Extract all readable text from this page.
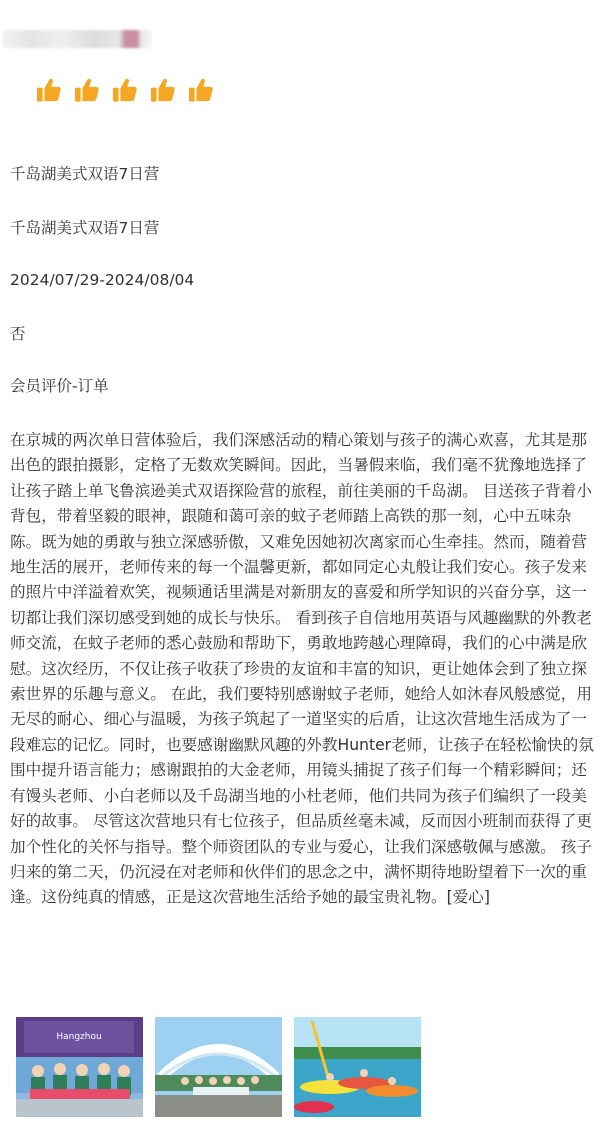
千岛湖美式双语7日营
千岛湖美式双语7日营
2024/07/29-2024/08/04
否
会员评价-订单
在京城的两次单日营体验后，我们深感活动的精心策划与孩子的满心欢喜，尤其是那出色的跟拍摄影，定格了无数欢笑瞬间。因此，当暑假来临，我们毫不犹豫地选择了让孩子踏上单飞鲁滨逊美式双语探险营的旅程，前往美丽的千岛湖。 目送孩子背着小背包，带着坚毅的眼神，跟随和蔼可亲的蚊子老师踏上高铁的那一刻，心中五味杂陈。既为她的勇敢与独立深感骄傲，又难免因她初次离家而心生牵挂。然而，随着营地生活的展开，老师传来的每一个温馨更新，都如同定心丸般让我们安心。孩子发来的照片中洋溢着欢笑，视频通话里满是对新朋友的喜爱和所学知识的兴奋分享，这一切都让我们深切感受到她的成长与快乐。 看到孩子自信地用英语与风趣幽默的外教老师交流，在蚊子老师的悉心鼓励和帮助下，勇敢地跨越心理障碍，我们的心中满是欣慰。这次经历，不仅让孩子收获了珍贵的友谊和丰富的知识，更让她体会到了独立探索世界的乐趣与意义。 在此，我们要特别感谢蚊子老师，她给人如沐春风般感觉，用无尽的耐心、细心与温暖，为孩子筑起了一道坚实的后盾，让这次营地生活成为了一段难忘的记忆。同时，也要感谢幽默风趣的外教Hunter老师，让孩子在轻松愉快的氛围中提升语言能力；感谢跟拍的大金老师，用镜头捕捉了孩子们每一个精彩瞬间；还有馒头老师、小白老师以及千岛湖当地的小杜老师，他们共同为孩子们编织了一段美好的故事。 尽管这次营地只有七位孩子，但品质丝毫未减，反而因小班制而获得了更加个性化的关怀与指导。整个师资团队的专业与爱心，让我们深感敬佩与感激。 孩子归来的第二天，仍沉浸在对老师和伙伴们的思念之中，满怀期待地盼望着下一次的重逢。这份纯真的情感，正是这次营地生活给予她的最宝贵礼物。[爱心]
Hangzhou
